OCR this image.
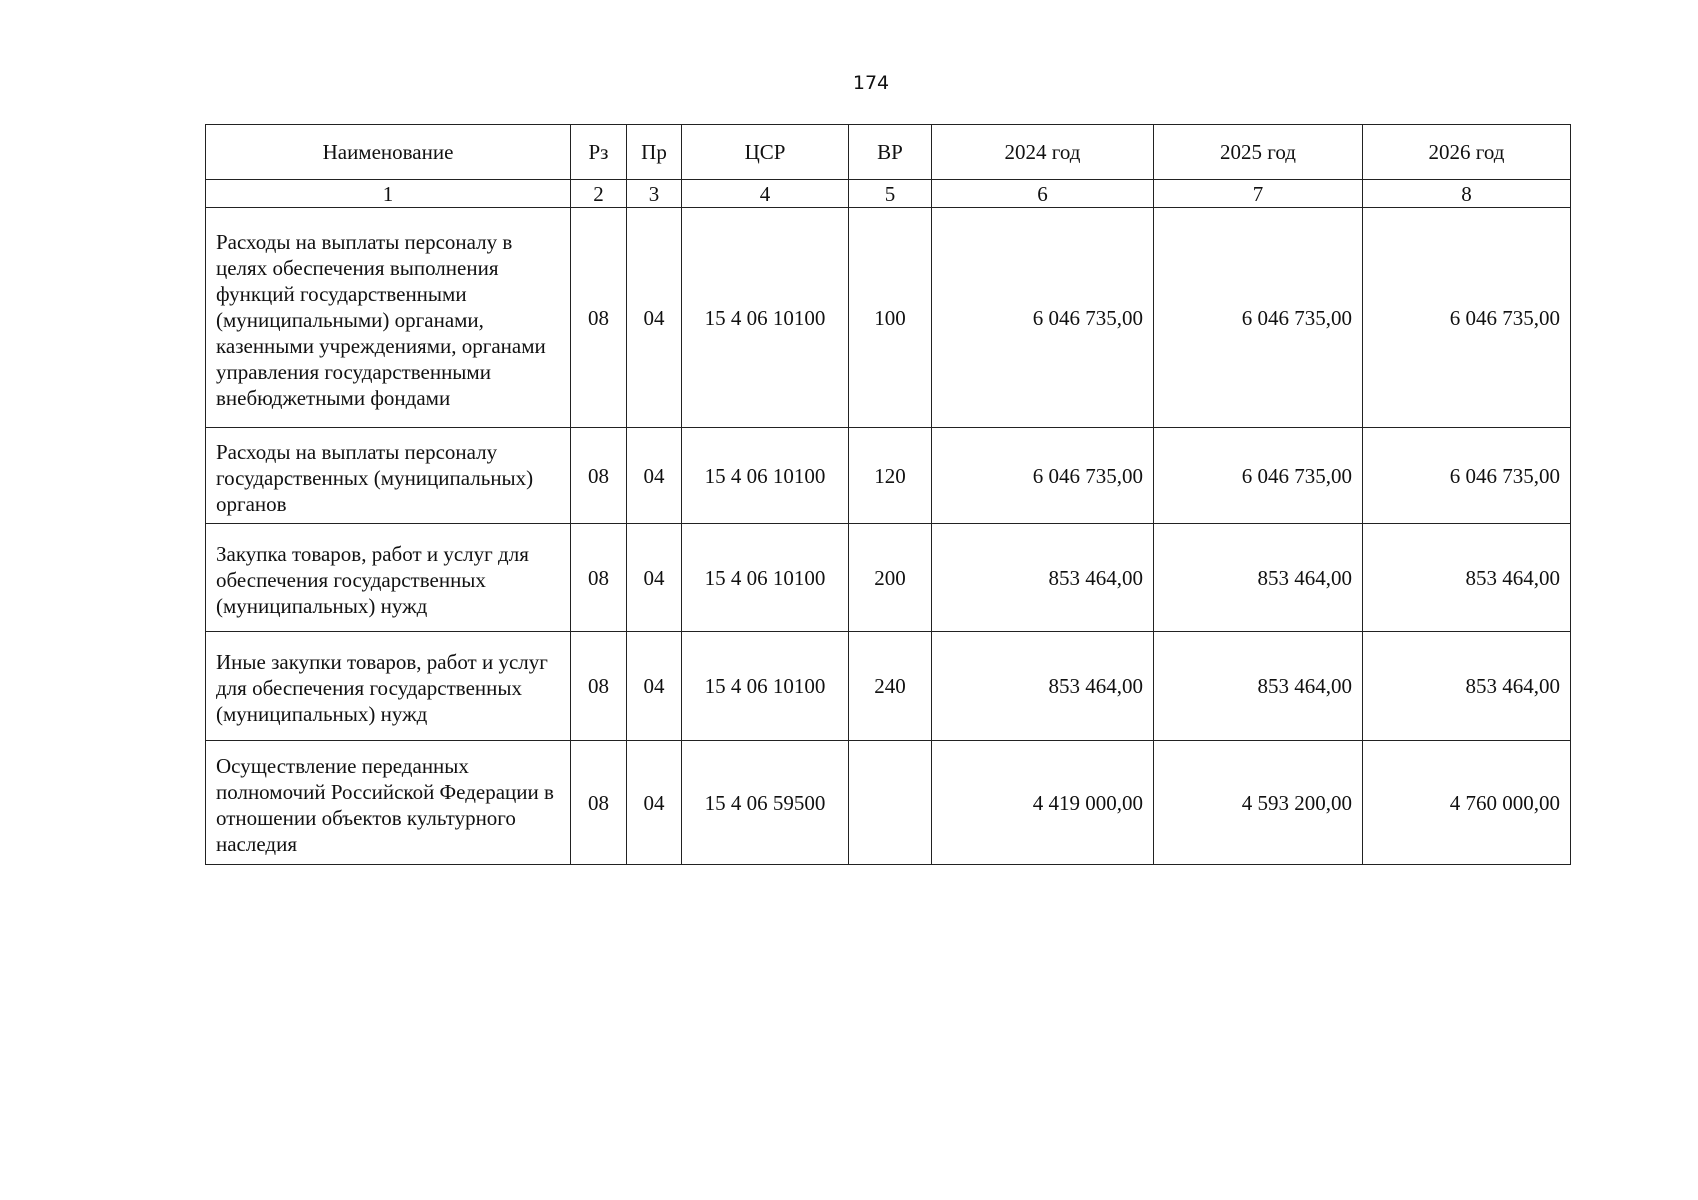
174
Наименование	Рз	Пр	ЦСР	ВР	2024 год	2025 год	2026 год
1	2	3	4	5	6	7	8

Расходы на выплаты персоналу в целях обеспечения выполнения функций государственными (муниципальными) органами, казенными учреждениями, органами управления государственными внебюджетными фондами	08	04	15 4 06 10100	100	6 046 735,00	6 046 735,00	6 046 735,00

Расходы на выплаты персоналу государственных (муниципальных) органов	08	04	15 4 06 10100	120	6 046 735,00	6 046 735,00	6 046 735,00

Закупка товаров, работ и услуг для обеспечения государственных (муниципальных) нужд	08	04	15 4 06 10100	200	853 464,00	853 464,00	853 464,00

Иные закупки товаров, работ и услуг для обеспечения государственных (муниципальных) нужд	08	04	15 4 06 10100	240	853 464,00	853 464,00	853 464,00

Осуществление переданных полномочий Российской Федерации в отношении объектов культурного наследия	08	04	15 4 06 59500		4 419 000,00	4 593 200,00	4 760 000,00
